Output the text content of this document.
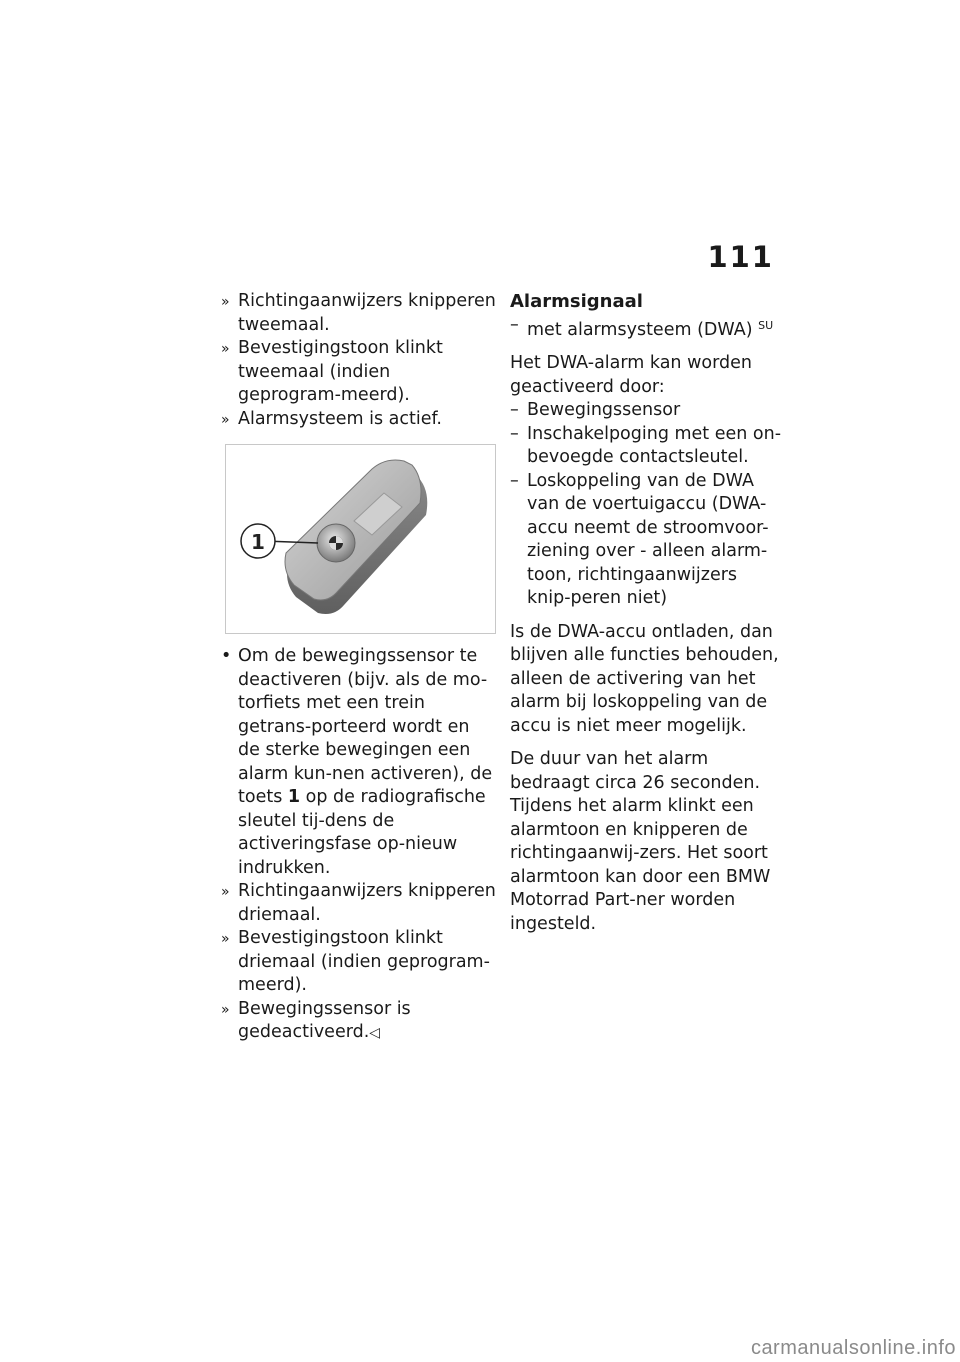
111
» Richtingaanwijzers knipperen tweemaal.
» Bevestigingstoon klinkt tweemaal (indien geprogram-meerd).
» Alarmsysteem is actief.
1
• Om de bewegingssensor te deactiveren (bijv. als de mo-torfiets met een trein getrans-porteerd wordt en de sterke bewegingen een alarm kun-nen activeren), de toets 1 op de radiografische sleutel tij-dens de activeringsfase op-nieuw indrukken.
» Richtingaanwijzers knipperen driemaal.
» Bevestigingstoon klinkt driemaal (indien geprogram-meerd).
» Bewegingssensor is gedeactiveerd.◁
Alarmsignaal
– met alarmsysteem (DWA) $^{SU}$

Het DWA-alarm kan worden geactiveerd door:

– Bewegingssensor
– Inschakelpoging met een on-bevoegde contactsleutel.
– Loskoppeling van de DWA van de voertuigaccu (DWA-accu neemt de stroomvoor-ziening over - alleen alarm-toon, richtingaanwijzers knip-peren niet)

Is de DWA-accu ontladen, dan blijven alle functies behouden, alleen de activering van het alarm bij loskoppeling van de accu is niet meer mogelijk.

De duur van het alarm bedraagt circa 26 seconden. Tijdens het alarm klinkt een alarmtoon en knipperen de richtingaanwij-zers. Het soort alarmtoon kan door een BMW Motorrad Part-ner worden ingesteld.

carmanualsonline.info
